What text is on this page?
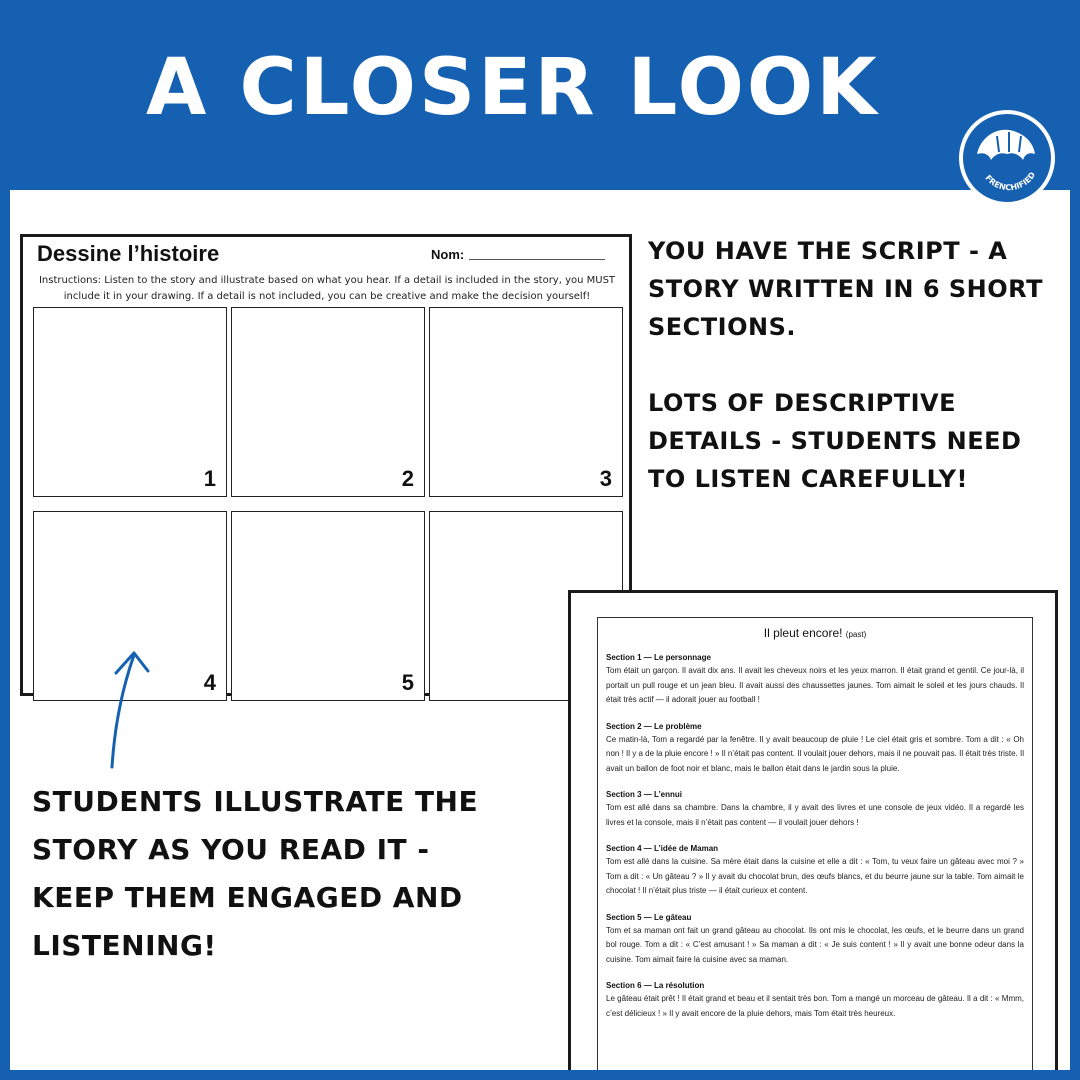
A CLOSER LOOK
Dessine l’histoire	Nom:
Instructions: Listen to the story and illustrate based on what you hear. If a detail is included in the story, you MUST include it in your drawing. If a detail is not included, you can be creative and make the decision yourself!
1	2	3
4	5

YOU HAVE THE SCRIPT - A STORY WRITTEN IN 6 SHORT SECTIONS.

LOTS OF DESCRIPTIVE DETAILS - STUDENTS NEED TO LISTEN CAREFULLY!

STUDENTS ILLUSTRATE THE STORY AS YOU READ IT - KEEP THEM ENGAGED AND LISTENING!
Il pleut encore! (past)
Section 1 — Le personnage
Tom était un garçon. Il avait dix ans. Il avait les cheveux noirs et les yeux marron. Il était grand et gentil. Ce jour-là, il portait un pull rouge et un jean bleu. Il avait aussi des chaussettes jaunes. Tom aimait le soleil et les jours chauds. Il était très actif — il adorait jouer au football !
Section 2 — Le problème
Ce matin-là, Tom a regardé par la fenêtre. Il y avait beaucoup de pluie ! Le ciel était gris et sombre. Tom a dit : « Oh non ! Il y a de la pluie encore ! » Il n’était pas content. Il voulait jouer dehors, mais il ne pouvait pas. Il était très triste. Il avait un ballon de foot noir et blanc, mais le ballon était dans le jardin sous la pluie.
Section 3 — L’ennui
Tom est allé dans sa chambre. Dans la chambre, il y avait des livres et une console de jeux vidéo. Il a regardé les livres et la console, mais il n’était pas content — il voulait jouer dehors !
Section 4 — L’idée de Maman
Tom est allé dans la cuisine. Sa mère était dans la cuisine et elle a dit : « Tom, tu veux faire un gâteau avec moi ? » Tom a dit : « Un gâteau ? » Il y avait du chocolat brun, des œufs blancs, et du beurre jaune sur la table. Tom aimait le chocolat ! Il n’était plus triste — il était curieux et content.
Section 5 — Le gâteau
Tom et sa maman ont fait un grand gâteau au chocolat. Ils ont mis le chocolat, les œufs, et le beurre dans un grand bol rouge. Tom a dit : « C’est amusant ! » Sa maman a dit : « Je suis content ! » Il y avait une bonne odeur dans la cuisine. Tom aimait faire la cuisine avec sa maman.
Section 6 — La résolution
Le gâteau était prêt ! Il était grand et beau et il sentait très bon. Tom a mangé un morceau de gâteau. Il a dit : « Mmm, c’est délicieux ! » Il y avait encore de la pluie dehors, mais Tom était très heureux.
FRENCHIFIED
